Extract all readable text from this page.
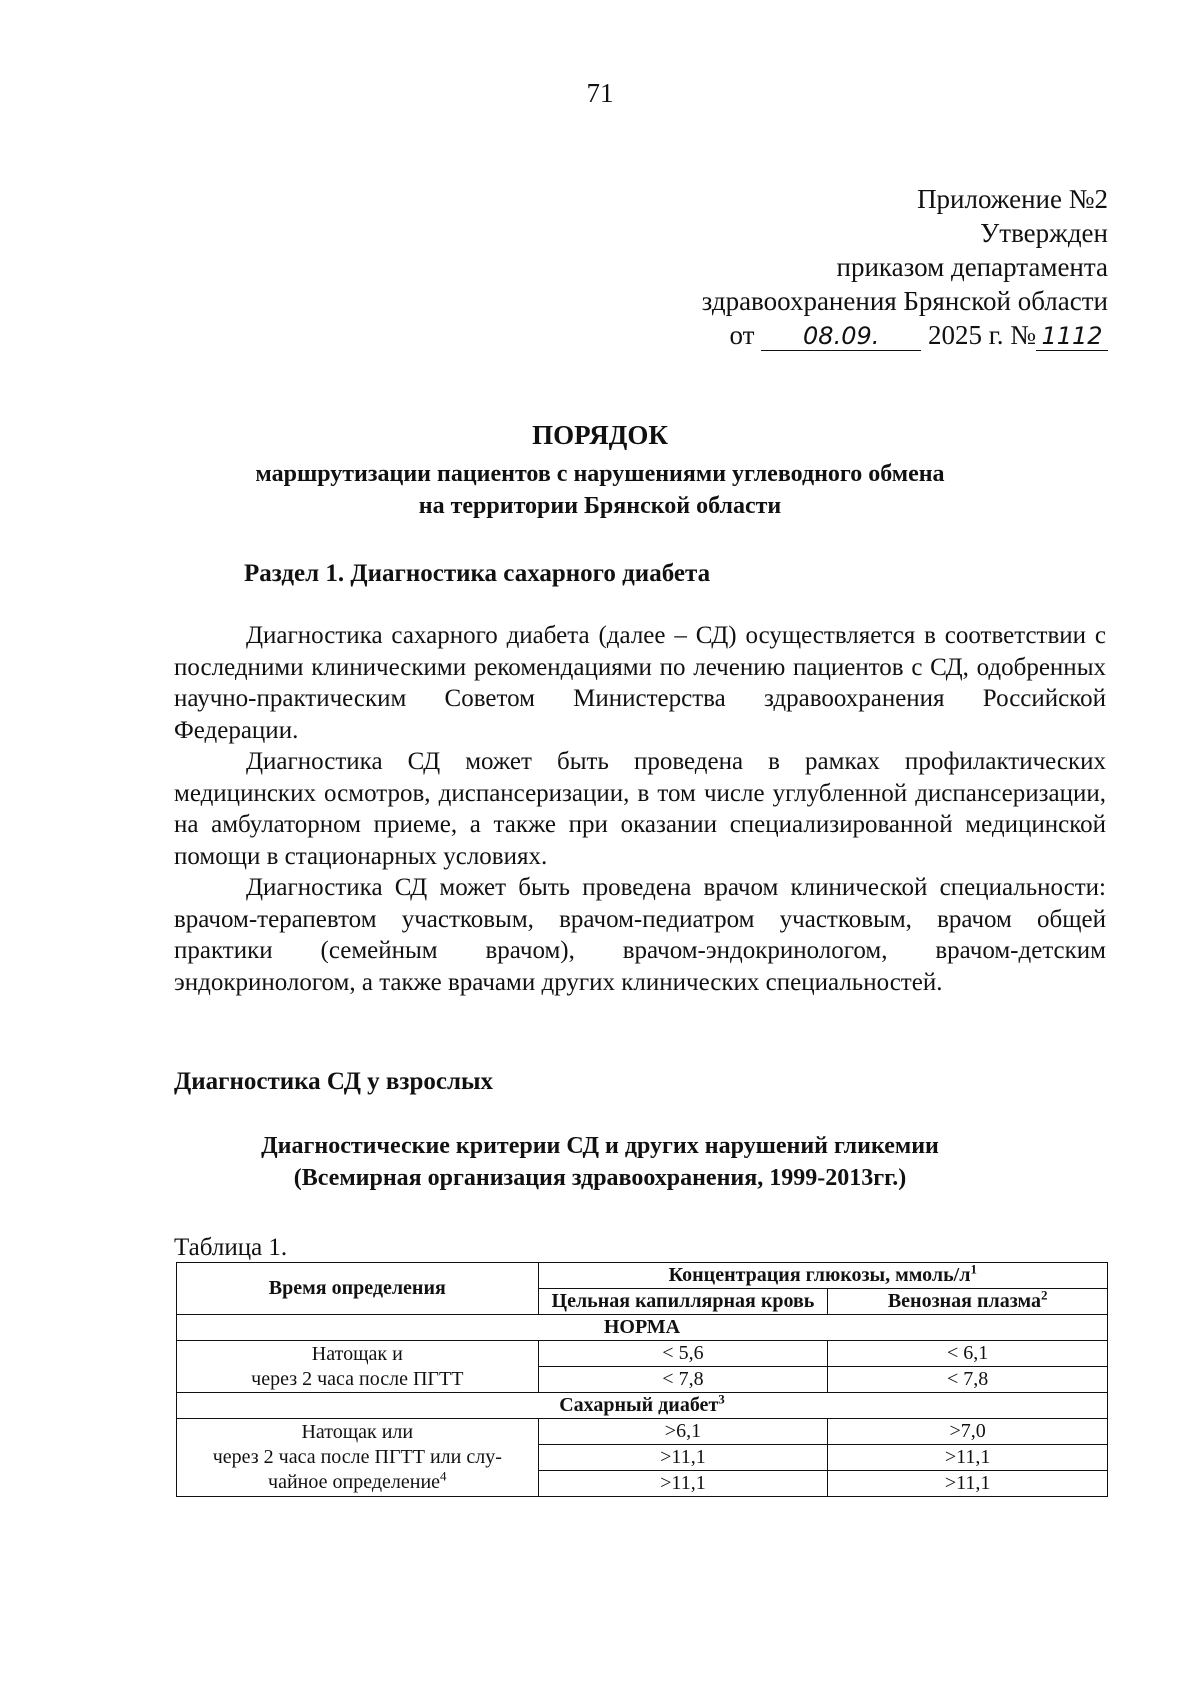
71
Приложение №2
Утвержден
приказом департамента
здравоохранения Брянской области
от 08.09. 2025 г. № 1112
ПОРЯДОК
маршрутизации пациентов с нарушениями углеводного обмена
на территории Брянской области
Раздел 1. Диагностика сахарного диабета

Диагностика сахарного диабета (далее – СД) осуществляется в соответствии с последними клиническими рекомендациями по лечению пациентов с СД, одобренных научно-практическим Советом Министерства здравоохранения Российской Федерации.

Диагностика СД может быть проведена в рамках профилактических медицинских осмотров, диспансеризации, в том числе углубленной диспансеризации, на амбулаторном приеме, а также при оказании специализированной медицинской помощи в стационарных условиях.

Диагностика СД может быть проведена врачом клинической специальности: врачом-терапевтом участковым, врачом-педиатром участковым, врачом общей практики (семейным врачом), врачом-эндокринологом, врачом-детским эндокринологом, а также врачами других клинических специальностей.

Диагностика СД у взрослых
Диагностические критерии СД и других нарушений гликемии
(Всемирная организация здравоохранения, 1999-2013гг.)
Таблица 1.
Время определения	Концентрация глюкозы, ммоль/$л^1$
	Цельная капиллярная кровь	Венозная плазма$^2$
НОРМА		

Натощак и
через 2 часа после ПГТТ	< 5,6	< 6,1
	< 7,8	< 7,8
Сахарный диабет$^3$

Натощак или
через 2 часа после ПГТТ или слу-
чайное определение$^4$	>6,1	>7,0
	>11,1	>11,1
	>11,1	>11,1
